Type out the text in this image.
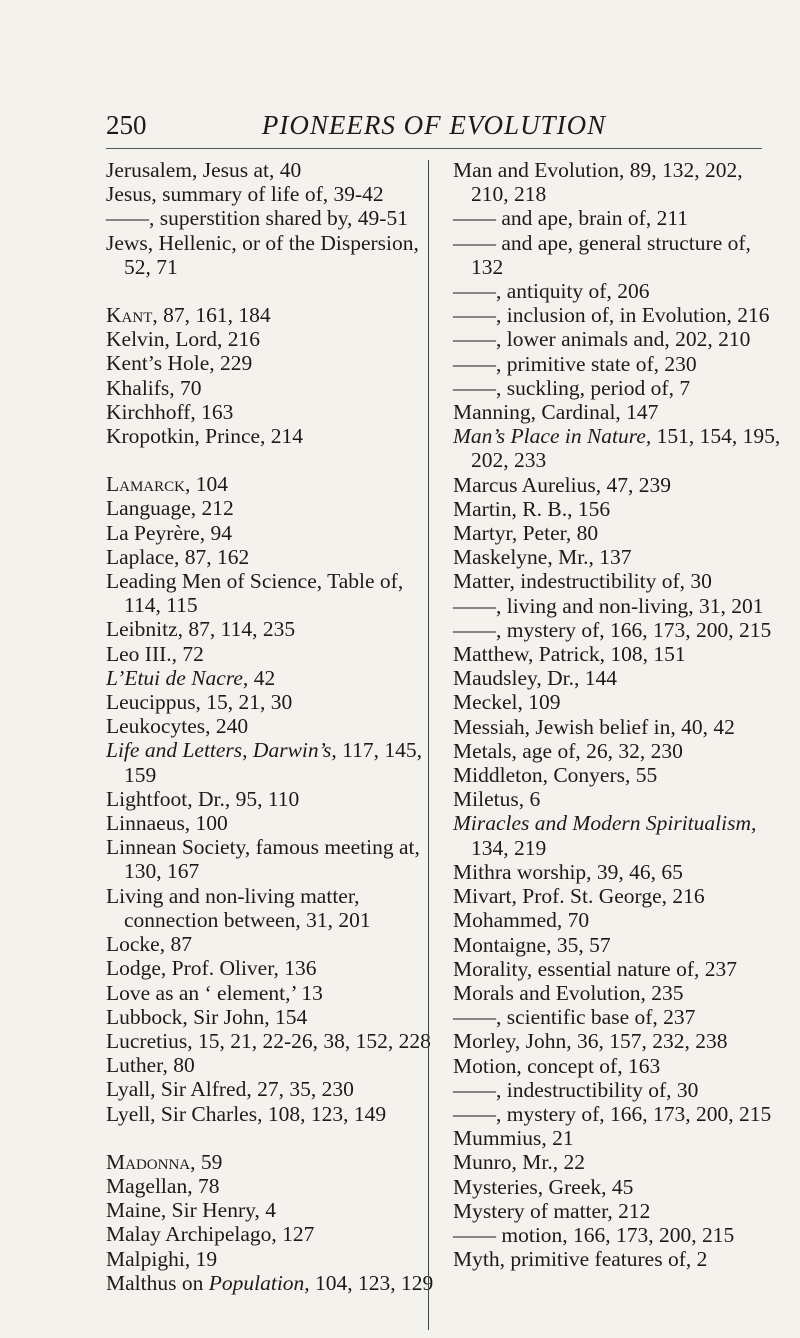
250	PIONEERS OF EVOLUTION

Jerusalem, Jesus at, 40

Jesus, summary of life of, 39-42

——, superstition shared by, 49-51

Jews, Hellenic, or of the Dispersion, 52, 71

Kant, 87, 161, 184

Kelvin, Lord, 216

Kent’s Hole, 229

Khalifs, 70

Kirchhoff, 163

Kropotkin, Prince, 214

Lamarck, 104

Language, 212

La Peyrère, 94

Laplace, 87, 162

Leading Men of Science, Table of, 114, 115

Leibnitz, 87, 114, 235

Leo III., 72

L’Etui de Nacre, 42

Leucippus, 15, 21, 30

Leukocytes, 240

Life and Letters, Darwin’s, 117, 145, 159

Lightfoot, Dr., 95, 110

Linnaeus, 100

Linnean Society, famous meeting at, 130, 167

Living and non-living matter, connection between, 31, 201

Locke, 87

Lodge, Prof. Oliver, 136

Love as an ‘ element,’ 13

Lubbock, Sir John, 154

Lucretius, 15, 21, 22-26, 38, 152, 228

Luther, 80

Lyall, Sir Alfred, 27, 35, 230

Lyell, Sir Charles, 108, 123, 149

Madonna, 59

Magellan, 78

Maine, Sir Henry, 4

Malay Archipelago, 127

Malpighi, 19

Malthus on Population, 104, 123, 129

Man and Evolution, 89, 132, 202, 210, 218

—— and ape, brain of, 211

—— and ape, general structure of, 132

——, antiquity of, 206

——, inclusion of, in Evolution, 216

——, lower animals and, 202, 210

——, primitive state of, 230

——, suckling, period of, 7

Manning, Cardinal, 147

Man’s Place in Nature, 151, 154, 195, 202, 233

Marcus Aurelius, 47, 239

Martin, R. B., 156

Martyr, Peter, 80

Maskelyne, Mr., 137

Matter, indestructibility of, 30

——, living and non-living, 31, 201

——, mystery of, 166, 173, 200, 215

Matthew, Patrick, 108, 151

Maudsley, Dr., 144

Meckel, 109

Messiah, Jewish belief in, 40, 42

Metals, age of, 26, 32, 230

Middleton, Conyers, 55

Miletus, 6

Miracles and Modern Spiritualism, 134, 219

Mithra worship, 39, 46, 65

Mivart, Prof. St. George, 216

Mohammed, 70

Montaigne, 35, 57

Morality, essential nature of, 237

Morals and Evolution, 235

——, scientific base of, 237

Morley, John, 36, 157, 232, 238

Motion, concept of, 163

——, indestructibility of, 30

——, mystery of, 166, 173, 200, 215

Mummius, 21

Munro, Mr., 22

Mysteries, Greek, 45

Mystery of matter, 212

—— motion, 166, 173, 200, 215

Myth, primitive features of, 2
